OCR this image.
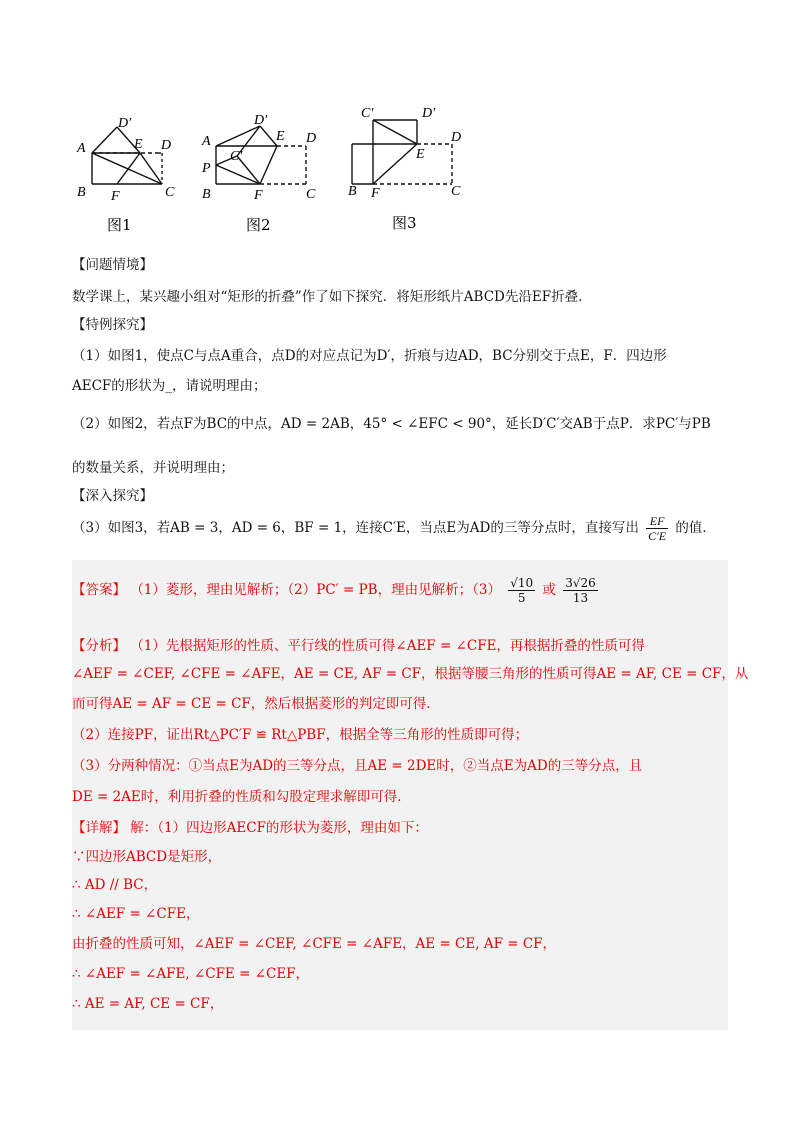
A
B	C
D
D′
E
F
图1
A
P
B	C
D
D′
E
F
C′
图2
C′	D′
D
E
B F	C
图3
【问题情境】
数学课上，某兴趣小组对“矩形的折叠”作了如下探究．将矩形纸片ABCD先沿EF折叠．
【特例探究】
（1）如图1，使点C与点A重合，点D的对应点记为D′，折痕与边AD，BC分别交于点E，F．四边形
AECF的形状为_，请说明理由；
（2）如图2，若点F为BC的中点，AD = 2AB，45° < ∠EFC < 90°，延长D′C′交AB于点P．求PC′与PB
的数量关系，并说明理由；
【深入探究】
（3）如图3，若AB = 3，AD = 6，BF = 1，连接C′E，当点E为AD的三等分点时，直接写出 $\frac{EF}{C'E}$ 的值．
【答案】 （1）菱形，理由见解析；（2）PC′ = PB，理由见解析；$(3) \frac{√10}{5}$ 或 $\frac{3√26}{13}$
【分析】 （1）先根据矩形的性质、平行线的性质可得∠AEF = ∠CFE，再根据折叠的性质可得
∠AEF = ∠CEF, ∠CFE = ∠AFE，AE = CE, AF = CF，根据等腰三角形的性质可得AE = AF, CE = CF，从
而可得AE = AF = CE = CF，然后根据菱形的判定即可得．
（2）连接PF，证出Rt△PC′F ≌ Rt△PBF，根据全等三角形的性质即可得；
（3）分两种情况：①当点E为AD的三等分点，且AE = 2DE时，②当点E为AD的三等分点，且
DE = 2AE时，利用折叠的性质和勾股定理求解即可得．
【详解】 解：（1）四边形AECF的形状为菱形，理由如下：
∵四边形ABCD是矩形，
∴ AD // BC，
∴ ∠AEF = ∠CFE，
由折叠的性质可知，∠AEF = ∠CEF, ∠CFE = ∠AFE，AE = CE, AF = CF，
∴ ∠AEF = ∠AFE, ∠CFE = ∠CEF，
∴ AE = AF, CE = CF，
